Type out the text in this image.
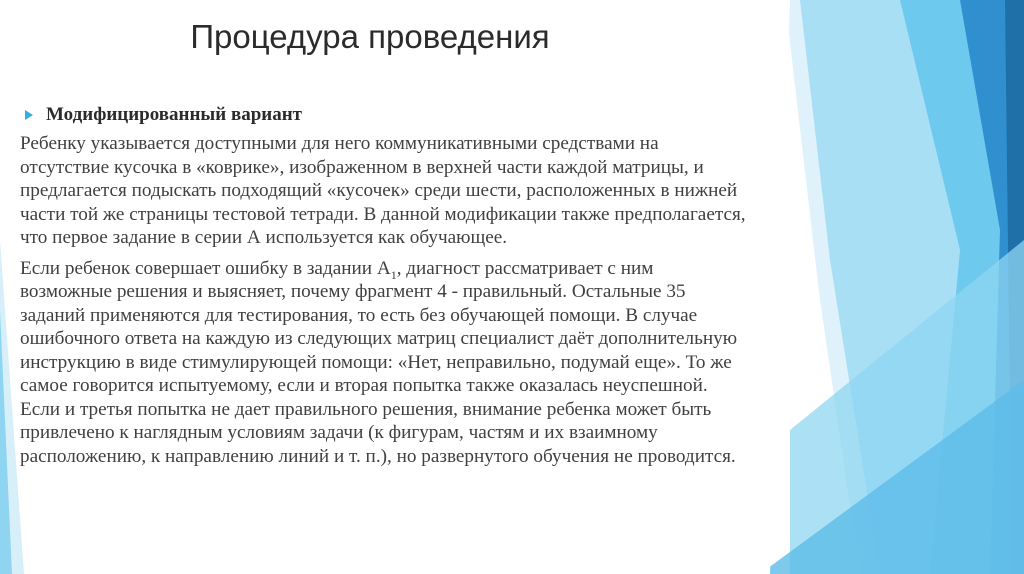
Процедура проведения
Модифицированный вариант

Ребенку указывается доступными для него коммуникативными средствами на отсутствие кусочка в «коврике», изображенном в верхней части каждой матрицы, и предлагается подыскать подходящий «кусочек» среди шести, расположенных в нижней части той же страницы тестовой тетради. В данной модификации также предполагается, что первое задание в серии А используется как обучающее.

Если ребенок совершает ошибку в задании $А_1$, диагност рассматривает с ним возможные решения и выясняет, почему фрагмент 4 - правильный. Остальные 35 заданий применяются для тестирования, то есть без обучающей помощи. В случае ошибочного ответа на каждую из следующих матриц специалист даёт дополнительную инструкцию в виде стимулирующей помощи: «Нет, неправильно, подумай еще». То же самое говорится испытуемому, если и вторая попытка также оказалась неуспешной. Если и третья попытка не дает правильного решения, внимание ребенка может быть привлечено к наглядным условиям задачи (к фигурам, частям и их взаимному расположению, к направлению линий и т. п.), но развернутого обучения не проводится.
